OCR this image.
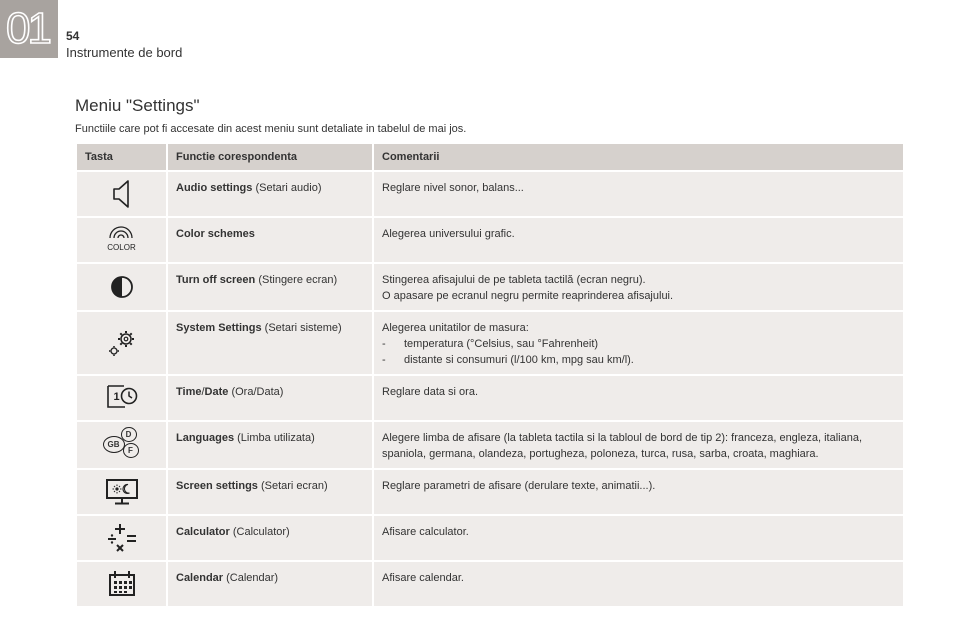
01 54
Instrumente de bord
Meniu "Settings"
Functiile care pot fi accesate din acest meniu sunt detaliate in tabelul de mai jos.
Tasta	Functie corespondenta	Comentarii
	Audio settings (Setari audio)	Reglare nivel sonor, balans...

COLOR	Color schemes	Alegerea universului grafic.

	Turn off screen (Stingere ecran)	Stingerea afisajului de pe tableta tactilă (ecran negru).
O apasare pe ecranul negru permite reaprinderea afisajului.

	System Settings (Setari sisteme)	Alegerea unitatilor de masura:
- temperatura (°Celsius, sau °Fahrenheit)
- distante si consumuri (l/100 km, mpg sau km/l).

1	Time/Date (Ora/Data)	Reglare data si ora.

D
GB
F	Languages (Limba utilizata)	Alegere limba de afisare (la tableta tactila si la tabloul de bord de tip 2): franceza, engleza, italiana,
spaniola, germana, olandeza, portugheza, poloneza, turca, rusa, sarba, croata, maghiara.

	Screen settings (Setari ecran)	Reglare parametri de afisare (derulare texte, animatii...).

	Calculator (Calculator)	Afisare calculator.

	Calendar (Calendar)	Afisare calendar.
